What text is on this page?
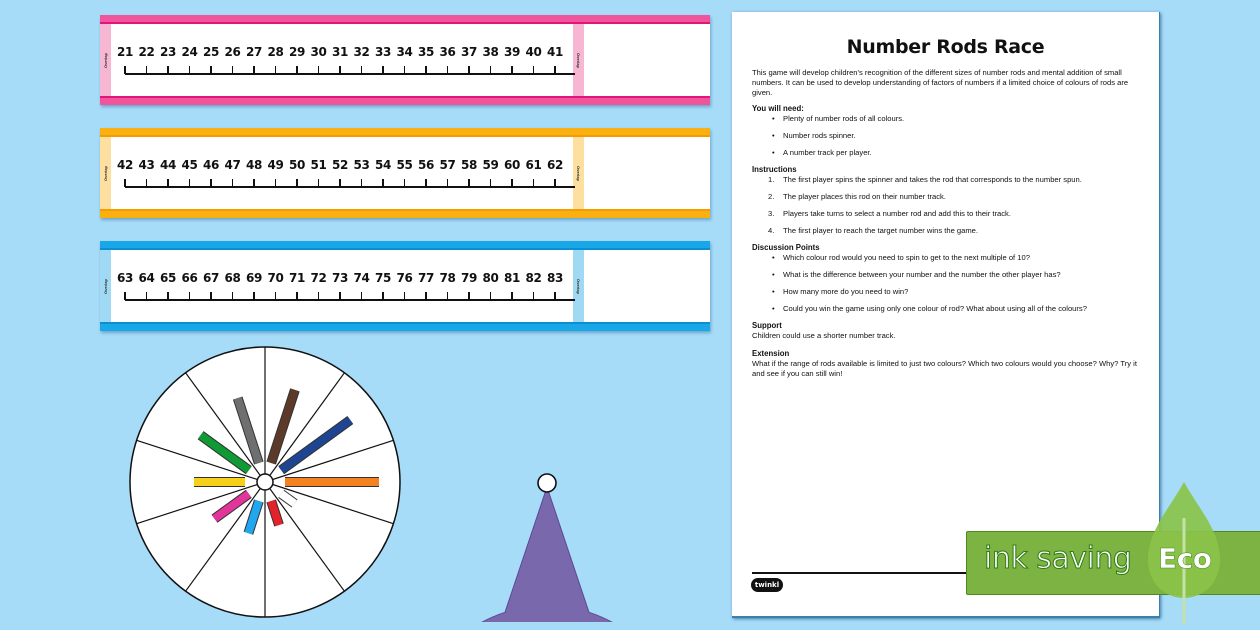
Overlap	Overlap
21 22 23 24 25 26 27 28 29 30 31 32 33 34 35 36 37 38 39 40 41
Overlap	Overlap
42 43 44 45 46 47 48 49 50 51 52 53 54 55 56 57 58 59 60 61 62
Overlap	Overlap
63 64 65 66 67 68 69 70 71 72 73 74 75 76 77 78 79 80 81 82 83
Number Rods Race

This game will develop children's recognition of the different sizes of number rods and mental addition of small numbers. It can be used to develop understanding of factors of numbers if a limited choice of colours of rods are given.

You will need:
• Plenty of number rods of all colours.
• Number rods spinner.
• A number track per player.
Instructions
1. The first player spins the spinner and takes the rod that corresponds to the number spun.
2. The player places this rod on their number track.
3. Players take turns to select a number rod and add this to their track.
4. The first player to reach the target number wins the game.
Discussion Points
• Which colour rod would you need to spin to get to the next multiple of 10?
• What is the difference between your number and the number the other player has?
• How many more do you need to win?
• Could you win the game using only one colour of rod? What about using all of the colours?
Support

Children could use a shorter number track.

Extension

What if the range of rods available is limited to just two colours? Which two colours would you choose? Why? Try it and see if you can still win!

twinkl
ink saving Eco
